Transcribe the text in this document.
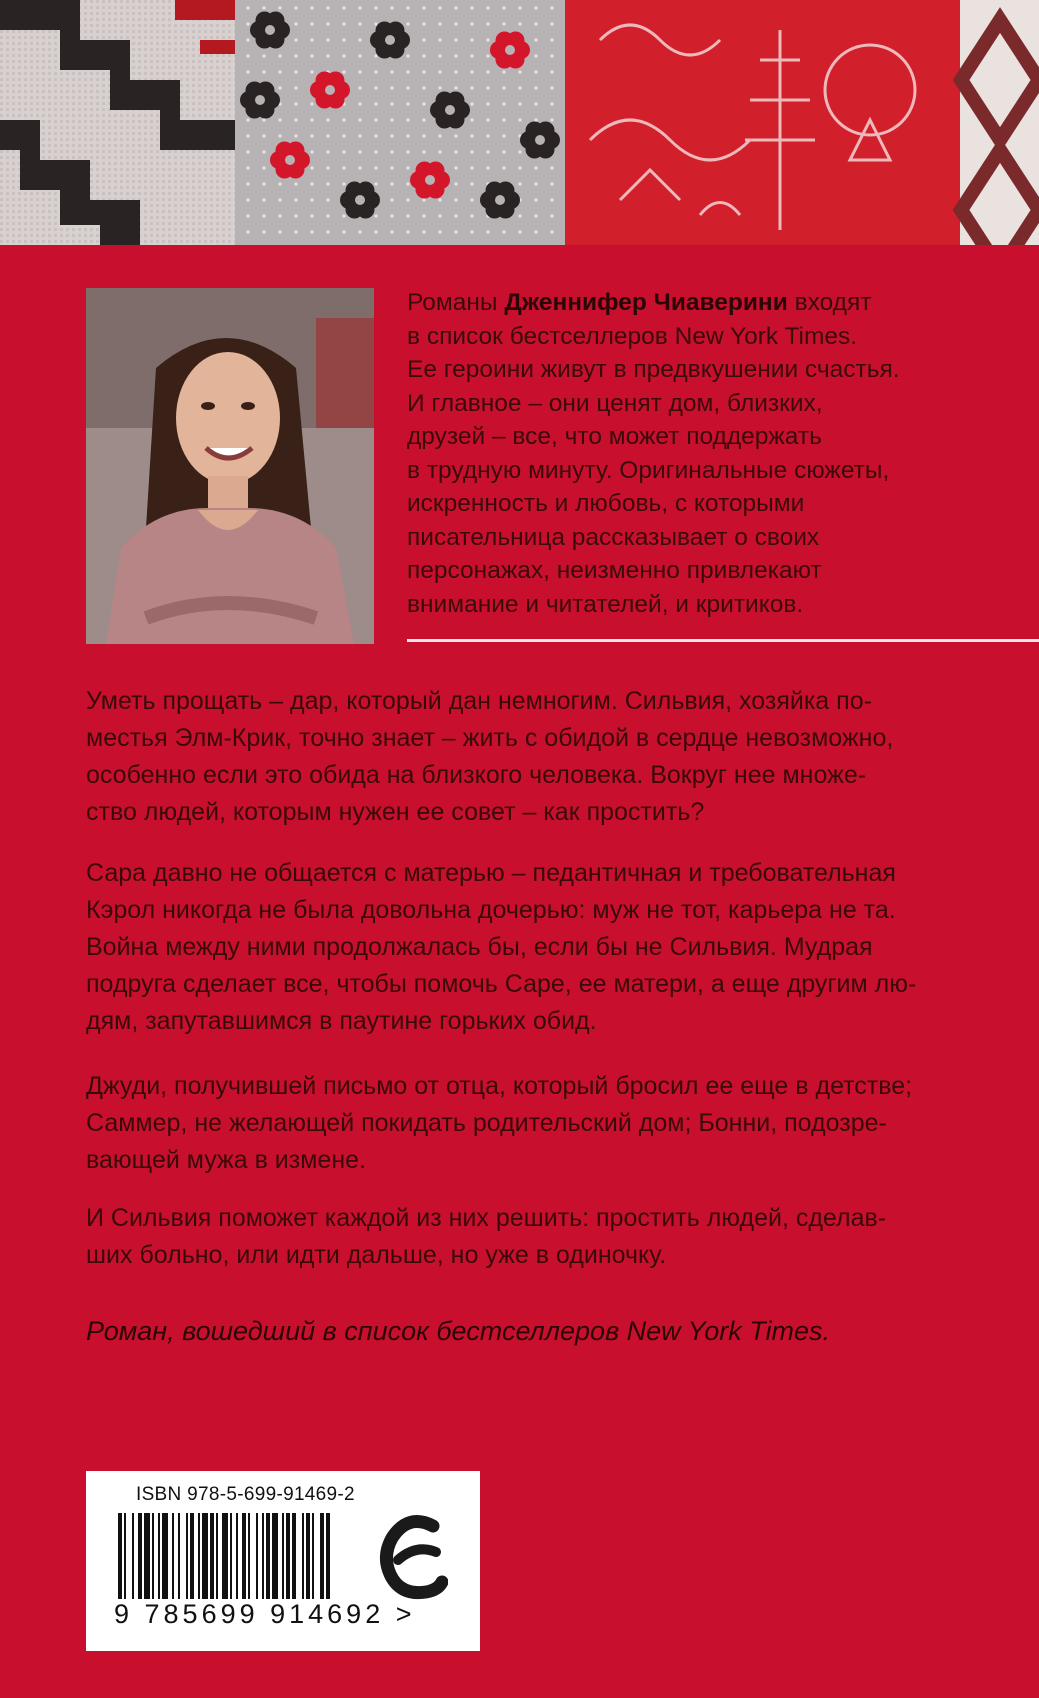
Романы Дженнифер Чиаверини входят
в список бестселлеров New York Times.
Ее героини живут в предвкушении счастья.
И главное – они ценят дом, близких,
друзей – все, что может поддержать
в трудную минуту. Оригинальные сюжеты,
искренность и любовь, с которыми
писательница рассказывает о своих
персонажах, неизменно привлекают
внимание и читателей, и критиков.

Уметь прощать – дар, который дан немногим. Сильвия, хозяйка по-
местья Элм-Крик, точно знает – жить с обидой в сердце невозможно,
особенно если это обида на близкого человека. Вокруг нее множе-
ство людей, которым нужен ее совет – как простить?

Сара давно не общается с матерью – педантичная и требовательная
Кэрол никогда не была довольна дочерью: муж не тот, карьера не та.
Война между ними продолжалась бы, если бы не Сильвия. Мудрая
подруга сделает все, чтобы помочь Саре, ее матери, а еще другим лю-
дям, запутавшимся в паутине горьких обид.

Джуди, получившей письмо от отца, который бросил ее еще в детстве;
Саммер, не желающей покидать родительский дом; Бонни, подозре-
вающей мужа в измене.

И Сильвия поможет каждой из них решить: простить людей, сделав-
ших больно, или идти дальше, но уже в одиночку.

Роман, вошедший в список бестселлеров New York Times.

ISBN 978-5-699-91469-2
9 785699 914692 >
